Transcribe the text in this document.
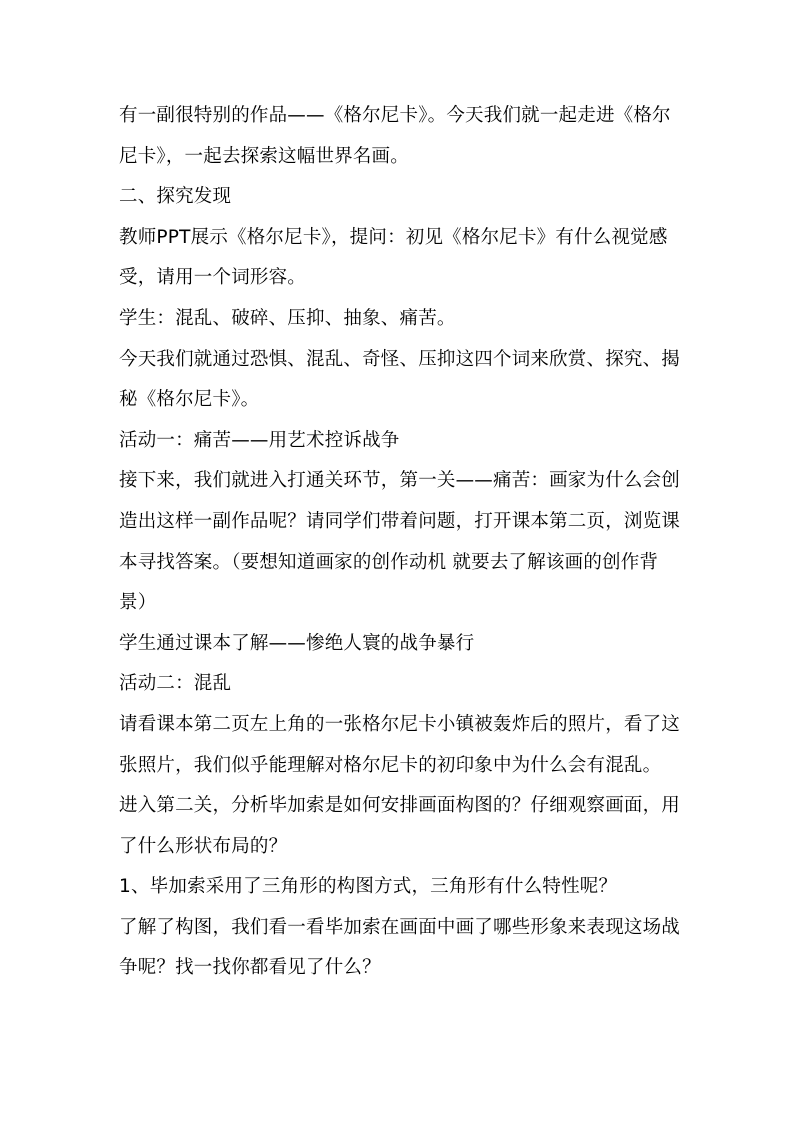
有一副很特别的作品——《格尔尼卡》。今天我们就一起走进《格尔
尼卡》，一起去探索这幅世界名画。
二、探究发现
教师PPT展示《格尔尼卡》，提问：初见《格尔尼卡》有什么视觉感
受，请用一个词形容。
学生：混乱、破碎、压抑、抽象、痛苦。
今天我们就通过恐惧、混乱、奇怪、压抑这四个词来欣赏、探究、揭
秘《格尔尼卡》。
活动一：痛苦——用艺术控诉战争
接下来，我们就进入打通关环节，第一关——痛苦：画家为什么会创
造出这样一副作品呢？请同学们带着问题，打开课本第二页，浏览课
本寻找答案。（要想知道画家的创作动机 就要去了解该画的创作背
景）
学生通过课本了解——惨绝人寰的战争暴行
活动二：混乱
请看课本第二页左上角的一张格尔尼卡小镇被轰炸后的照片，看了这
张照片，我们似乎能理解对格尔尼卡的初印象中为什么会有混乱。
进入第二关，分析毕加索是如何安排画面构图的？仔细观察画面，用
了什么形状布局的？
1、毕加索采用了三角形的构图方式，三角形有什么特性呢？
了解了构图，我们看一看毕加索在画面中画了哪些形象来表现这场战
争呢？找一找你都看见了什么？
